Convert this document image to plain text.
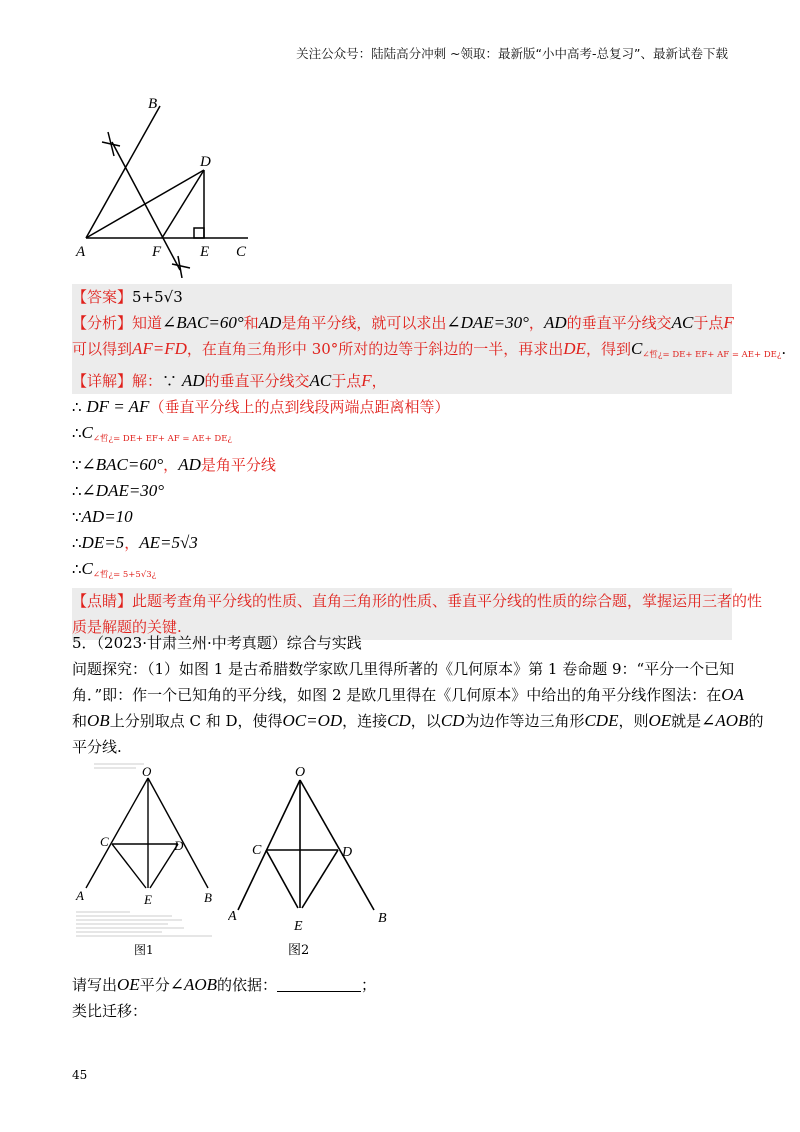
关注公众号：陆陆高分冲刺 ~领取：最新版“小中高考-总复习”、最新试卷下载
B
D
A	F	E C
【答案】5+5√3
【分析】知道∠BAC=60°和AD是角平分线，就可以求出∠DAE=30°，AD的垂直平分线交AC于点F
可以得到AF=FD，在直角三角形中 30°所对的边等于斜边的一半，再求出DE，得到$C_{\angle 哲¿= DE+ EF+ AF = AE+ DE¿}$.
【详解】解：∵ AD的垂直平分线交AC于点F，
∴ DF = AF（垂直平分线上的点到线段两端点距离相等）
$\therefore C_{\angle 哲¿= DE+ EF+ AF = AE+ DE¿}$
∵∠BAC=60°，AD是角平分线
∴∠DAE=30°
∵AD=10
∴DE=5，AE=5√3
$\therefore C_{\angle 哲¿= 5+5√3¿}$
【点睛】此题考查角平分线的性质、直角三角形的性质、垂直平分线的性质的综合题，掌握运用三者的性
质是解题的关键.
5．（2023·甘肃兰州·中考真题）综合与实践
问题探究：（1）如图 1 是古希腊数学家欧几里得所著的《几何原本》第 1 卷命题 9：“平分一个已知
角．”即：作一个已知角的平分线，如图 2 是欧几里得在《几何原本》中给出的角平分线作图法：在OA
和OB上分别取点 C 和 D，使得OC=OD，连接CD，以CD为边作等边三角形CDE，则OE就是∠AOB的
平分线.
O
C	D
A	E	B
图1
O
C	D
A
E
B
图2
请写出OE平分∠AOB的依据：	；
类比迁移：
45
